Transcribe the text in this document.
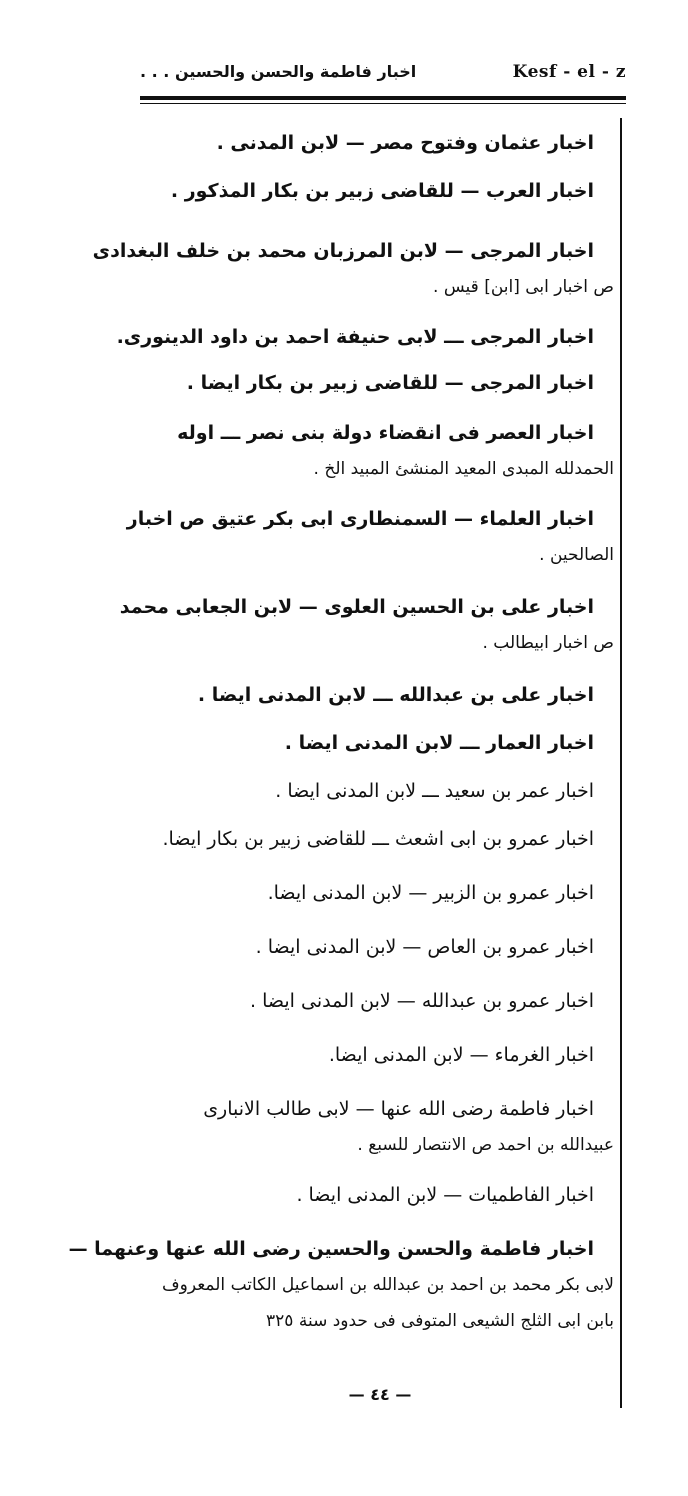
Kesf - el - z
اخبار فاطمة والحسن والحسين . . .
اخبار عثمان وفتوح مصر — لابن المدنى .
اخبار العرب — للقاضى زبير بن بكار المذكور .
اخبار المرجى — لابن المرزبان محمد بن خلف البغدادى
ص اخبار ابى [ابن] قيس .
اخبار المرجى ـــ لابى حنيفة احمد بن داود الدينورى.
اخبار المرجى — للقاضى زبير بن بكار ايضا .
اخبار العصر فى انقضاء دولة بنى نصر ـــ اوله
الحمدلله المبدى المعيد المنشئ المبيد الخ .
اخبار العلماء — السمنطارى ابى بكر عتيق ص اخبار
الصالحين .
اخبار على بن الحسين العلوى — لابن الجعابى محمد
ص اخبار ابيطالب .
اخبار على بن عبدالله ـــ لابن المدنى ايضا .
اخبار العمار ـــ لابن المدنى ايضا .
اخبار عمر بن سعيد ـــ لابن المدنى ايضا .
اخبار عمرو بن ابى اشعث ـــ للقاضى زبير بن بكار ايضا.
اخبار عمرو بن الزبير — لابن المدنى ايضا.
اخبار عمرو بن العاص — لابن المدنى ايضا .
اخبار عمرو بن عبدالله — لابن المدنى ايضا .
اخبار الغرماء — لابن المدنى ايضا.
اخبار فاطمة رضى الله عنها — لابى طالب الانبارى
عبيدالله بن احمد ص الانتصار للسبع .
اخبار الفاطميات — لابن المدنى ايضا .
اخبار فاطمة والحسن والحسين رضى الله عنها وعنهما —
لابى بكر محمد بن احمد بن عبدالله بن اسماعيل الكاتب المعروف
بابن ابى الثلج الشيعى المتوفى فى حدود سنة ٣٢٥
— ٤٤ —
